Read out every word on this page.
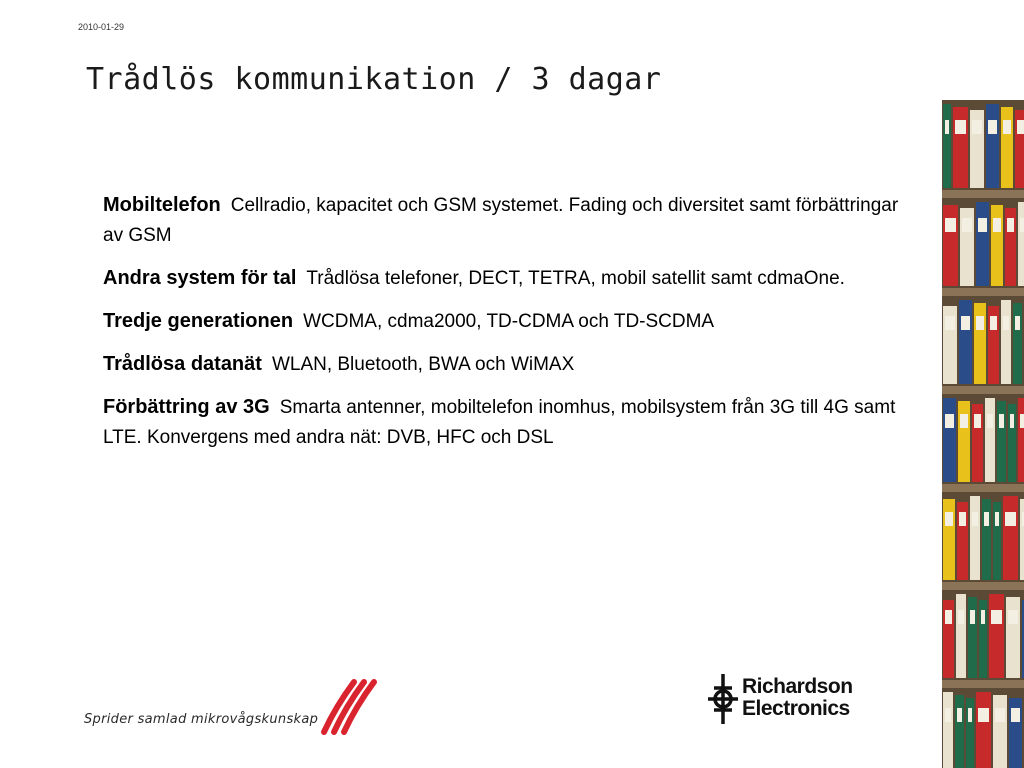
2010-01-29
Trådlös kommunikation / 3 dagar

Mobiltelefon Cellradio, kapacitet och GSM systemet. Fading och diversitet samt förbättringar av GSM

Andra system för tal Trådlösa telefoner, DECT, TETRA, mobil satellit samt cdmaOne.

Tredje generationen WCDMA, cdma2000, TD-CDMA och TD-SCDMA

Trådlösa datanät WLAN, Bluetooth, BWA och WiMAX

Förbättring av 3G Smarta antenner, mobiltelefon inomhus, mobilsystem från 3G till 4G samt LTE. Konvergens med andra nät: DVB, HFC och DSL

Sprider samlad mikrovågskunskap
Richardson
Electronics
